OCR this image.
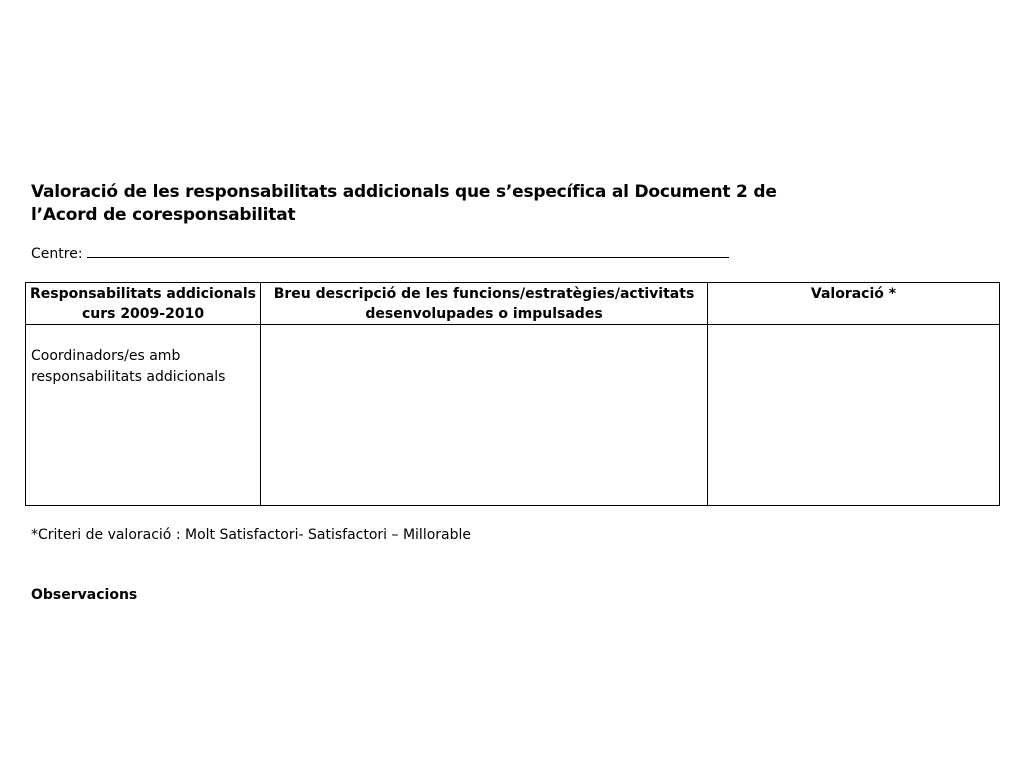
Valoració de les responsabilitats addicionals que s’específica al Document 2 de l’Acord de coresponsabilitat
Centre:
Responsabilitats addicionals curs 2009-2010	Breu descripció de les funcions/estratègies/activitats desenvolupades o impulsades	Valoració *

Coordinadors/es amb responsabilitats addicionals		

*Criteri de valoració : Molt Satisfactori- Satisfactori – Millorable
Observacions
